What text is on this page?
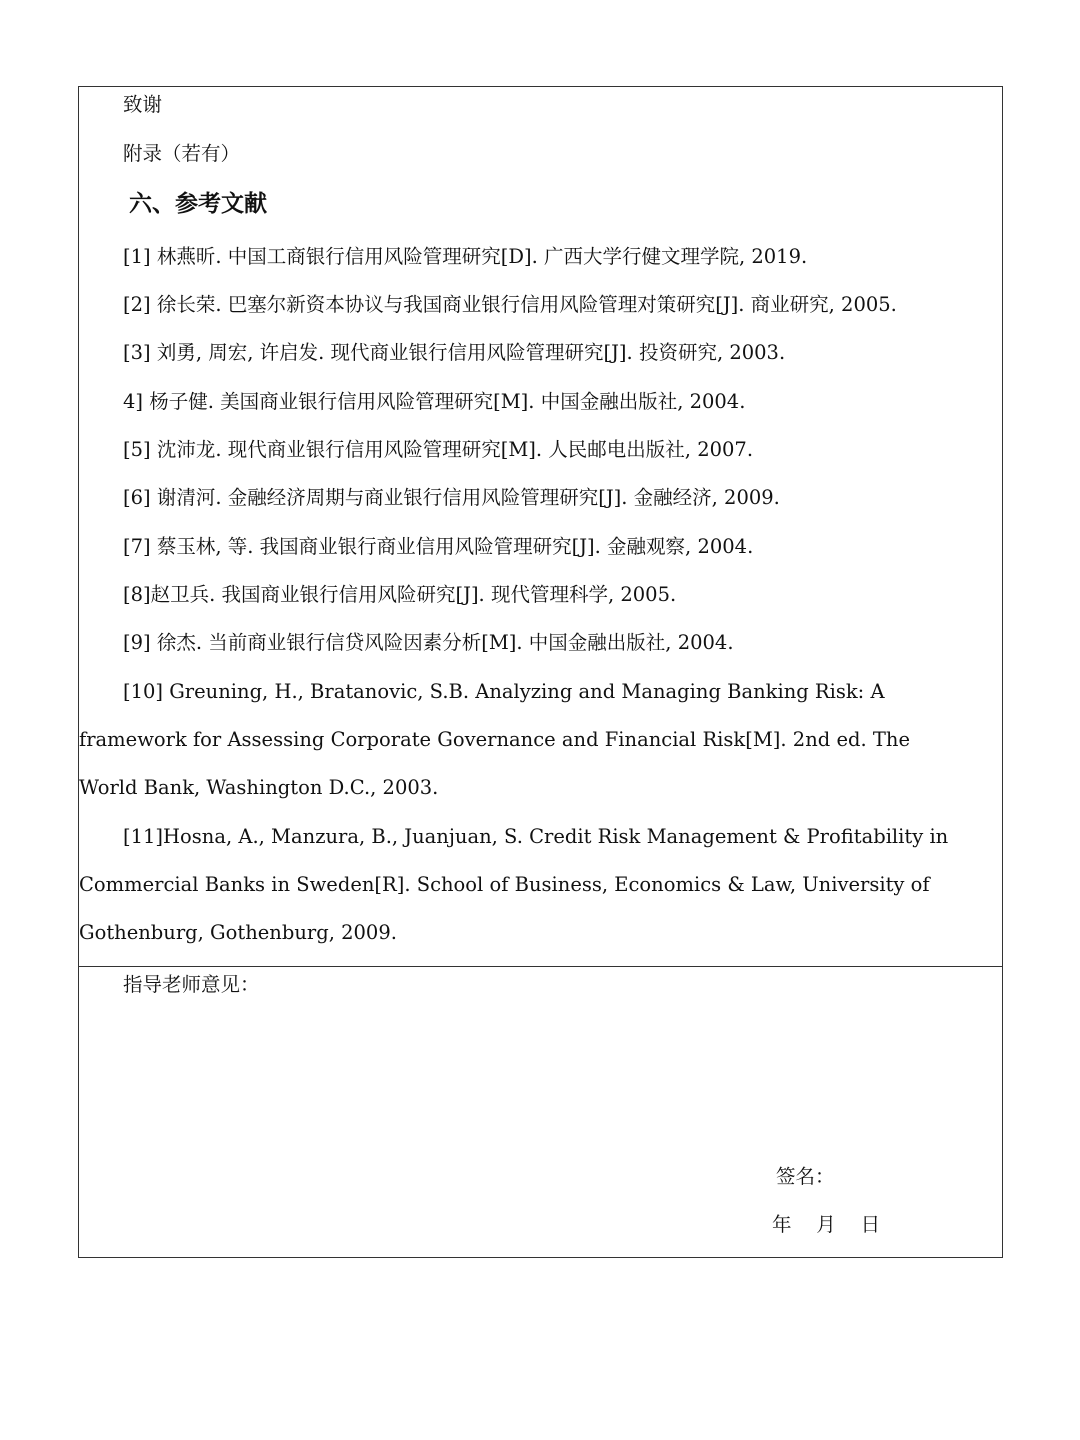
致谢
附录（若有）
六、参考文献
[1] 林燕昕. 中国工商银行信用风险管理研究[D]. 广西大学行健文理学院, 2019.
[2] 徐长荣. 巴塞尔新资本协议与我国商业银行信用风险管理对策研究[J]. 商业研究, 2005.
[3] 刘勇, 周宏, 许启发. 现代商业银行信用风险管理研究[J]. 投资研究, 2003.
4] 杨子健. 美国商业银行信用风险管理研究[M]. 中国金融出版社, 2004.
[5] 沈沛龙. 现代商业银行信用风险管理研究[M]. 人民邮电出版社, 2007.
[6] 谢清河. 金融经济周期与商业银行信用风险管理研究[J]. 金融经济, 2009.
[7] 蔡玉林, 等. 我国商业银行商业信用风险管理研究[J]. 金融观察, 2004.
[8]赵卫兵. 我国商业银行信用风险研究[J]. 现代管理科学, 2005.
[9] 徐杰. 当前商业银行信贷风险因素分析[M]. 中国金融出版社, 2004.
[10] Greuning, H., Bratanovic, S.B. Analyzing and Managing Banking Risk: A
framework for Assessing Corporate Governance and Financial Risk[M]. 2nd ed. The
World Bank, Washington D.C., 2003.
[11]Hosna, A., Manzura, B., Juanjuan, S. Credit Risk Management & Profitability in
Commercial Banks in Sweden[R]. School of Business, Economics & Law, University of
Gothenburg, Gothenburg, 2009.
指导老师意见：
签名：
年    月    日
